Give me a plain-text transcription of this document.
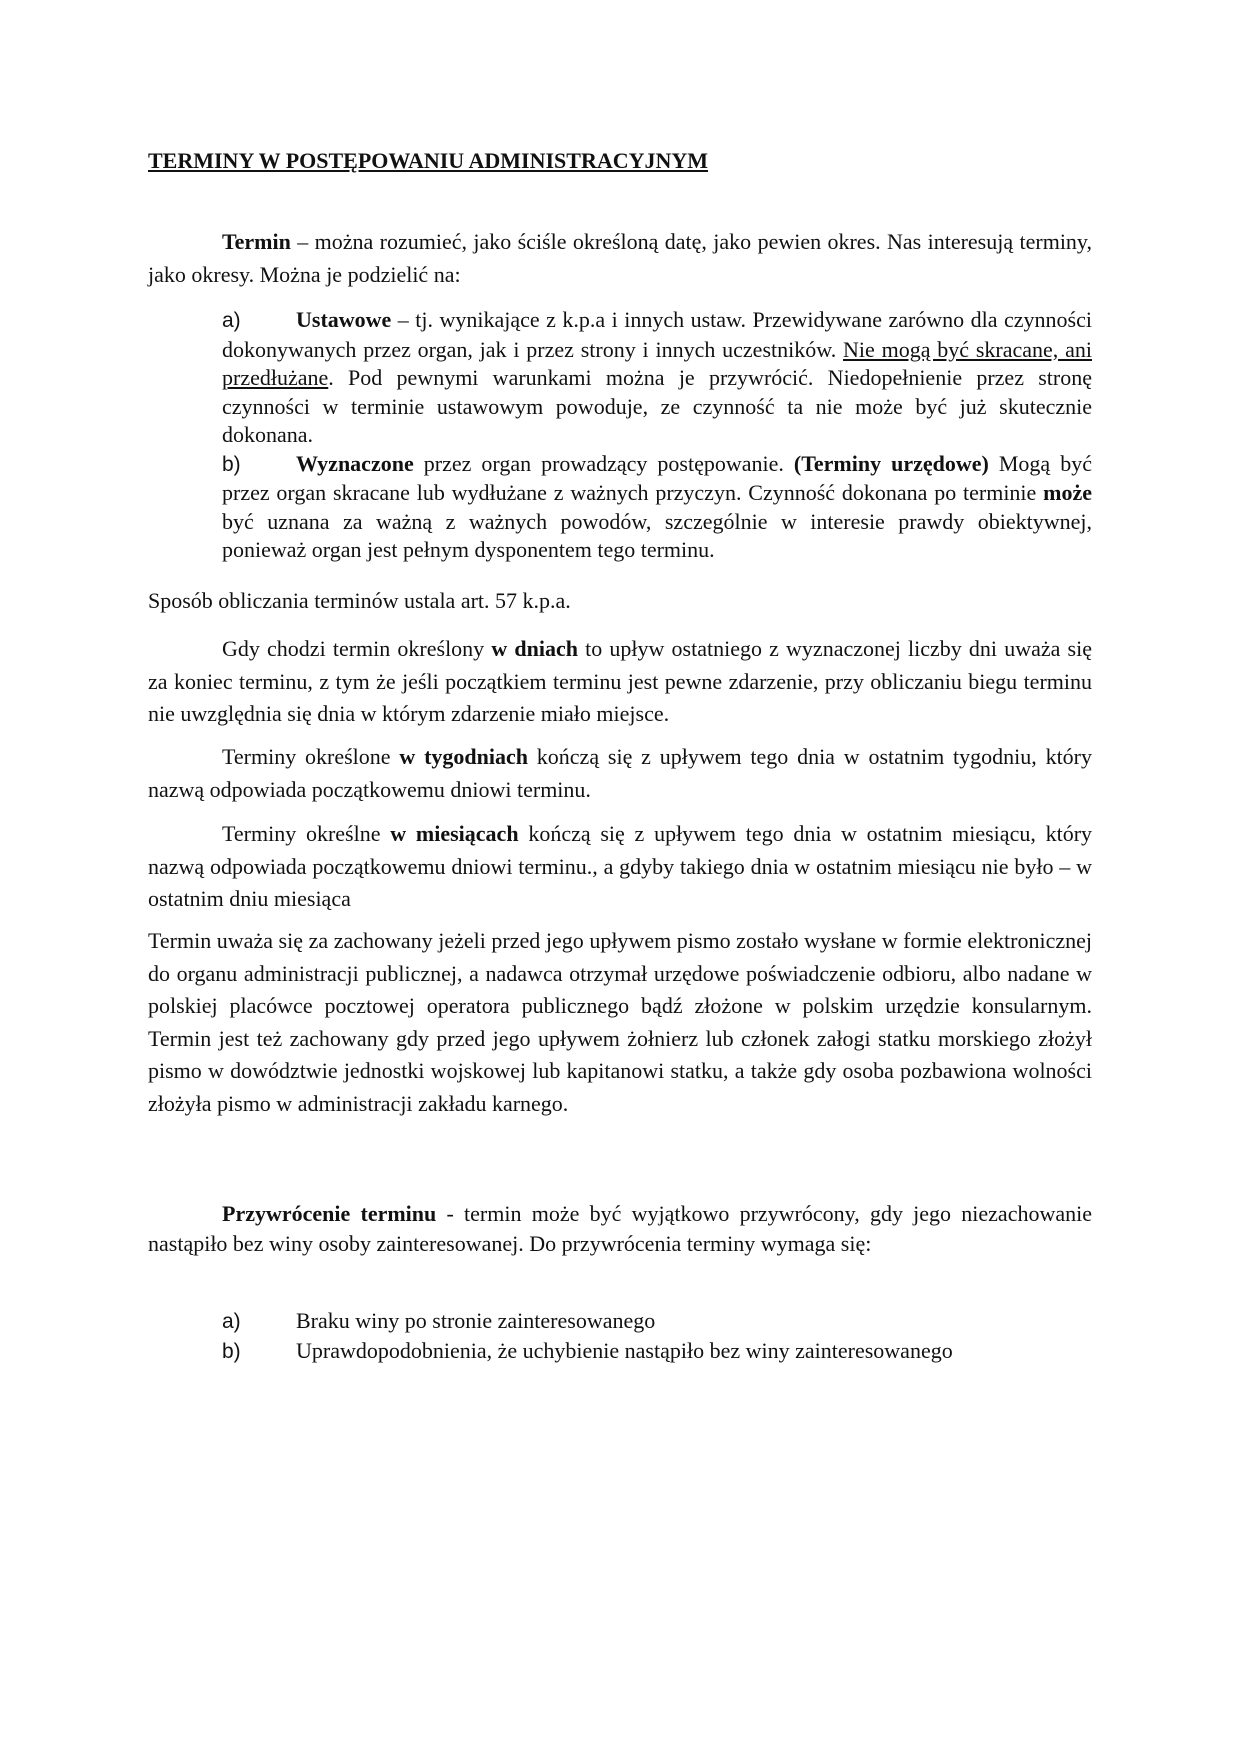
TERMINY W POSTĘPOWANIU ADMINISTRACYJNYM

Termin – można rozumieć, jako ściśle określoną datę, jako pewien okres. Nas interesują terminy, jako okresy. Można je podzielić na:

a)	Ustawowe – tj. wynikające z k.p.a i innych ustaw. Przewidywane zarówno dla czynności dokonywanych przez organ, jak i przez strony i innych uczestników. Nie mogą być skracane, ani przedłużane. Pod pewnymi warunkami można je przywrócić. Niedopełnienie przez stronę czynności w terminie ustawowym powoduje, ze czynność ta nie może być już skutecznie dokonana.
b)	Wyznaczone przez organ prowadzący postępowanie. (Terminy urzędowe) Mogą być przez organ skracane lub wydłużane z ważnych przyczyn. Czynność dokonana po terminie może być uznana za ważną z ważnych powodów, szczególnie w interesie prawdy obiektywnej, ponieważ organ jest pełnym dysponentem tego terminu.

Sposób obliczania terminów ustala art. 57 k.p.a.

Gdy chodzi termin określony w dniach to upływ ostatniego z wyznaczonej liczby dni uważa się za koniec terminu, z tym że jeśli początkiem terminu jest pewne zdarzenie, przy obliczaniu biegu terminu nie uwzględnia się dnia w którym zdarzenie miało miejsce.

Terminy określone w tygodniach kończą się z upływem tego dnia w ostatnim tygodniu, który nazwą odpowiada początkowemu dniowi terminu.

Terminy określne w miesiącach kończą się z upływem tego dnia w ostatnim miesiącu, który nazwą odpowiada początkowemu dniowi terminu., a gdyby takiego dnia w ostatnim miesiącu nie było – w ostatnim dniu miesiąca

Termin uważa się za zachowany jeżeli przed jego upływem pismo zostało wysłane w formie elektronicznej do organu administracji publicznej, a nadawca otrzymał urzędowe poświadczenie odbioru, albo nadane w polskiej placówce pocztowej operatora publicznego bądź złożone w polskim urzędzie konsularnym. Termin jest też zachowany gdy przed jego upływem żołnierz lub członek załogi statku morskiego złożył pismo w dowództwie jednostki wojskowej lub kapitanowi statku, a także gdy osoba pozbawiona wolności złożyła pismo w administracji zakładu karnego.

Przywrócenie terminu - termin może być wyjątkowo przywrócony, gdy jego niezachowanie nastąpiło bez winy osoby zainteresowanej. Do przywrócenia terminy wymaga się:

a)	Braku winy po stronie zainteresowanego
b)	Uprawdopodobnienia, że uchybienie nastąpiło bez winy zainteresowanego
